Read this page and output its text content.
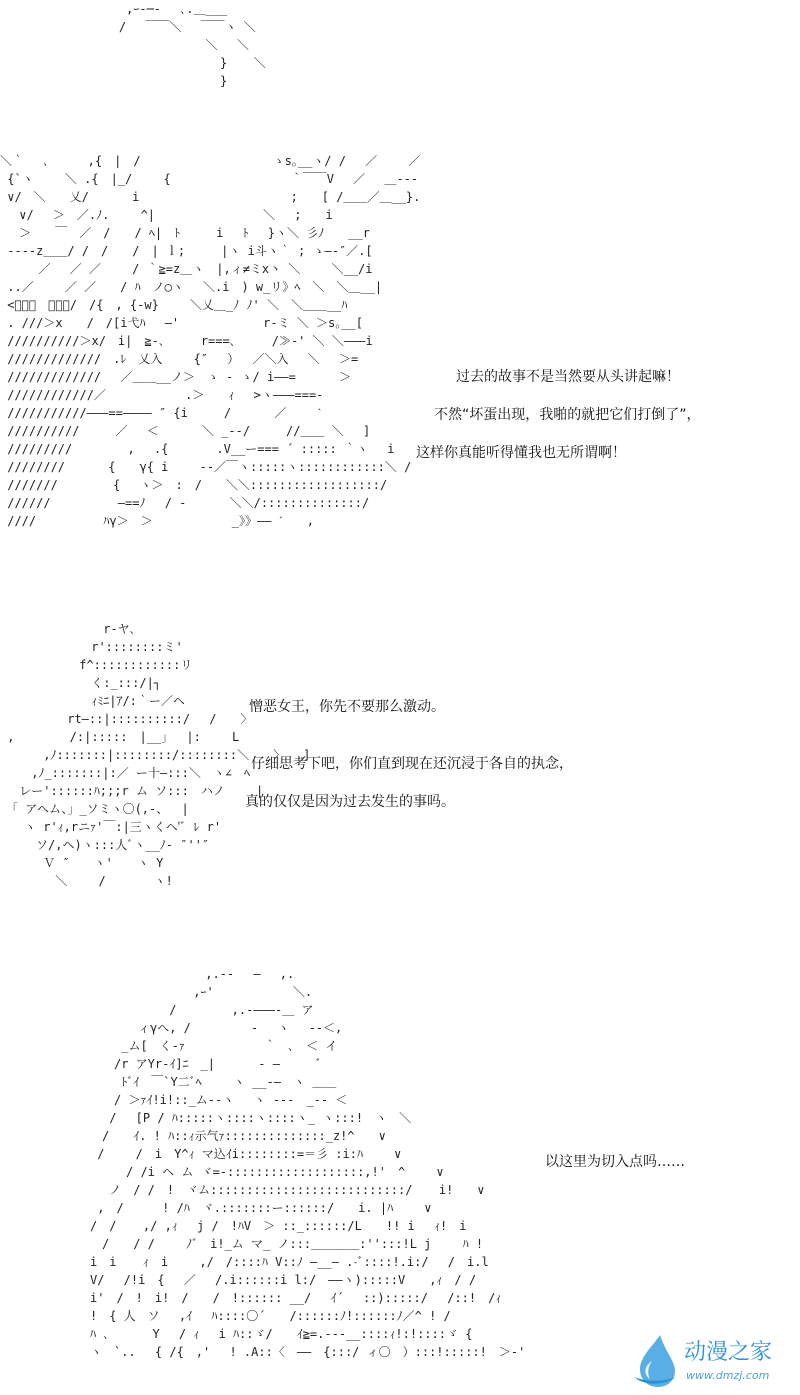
,ｰ‐─‐　 ､.＿___
/　 ￣￣＼　 ￣￣ヽ ＼
＼　 ＼
}　  ＼
}
＼｀ 　､ 　　 ,{　|　/　　　　　　　　　　　ゝs｡__ヽ/ /　 ／　　 ／
{`ヽ　　 ＼ .{　|_/　　 {　　　　　　　　　　｀￣￣V　 ／　 ＿---
∨/　＼　　乂/　　　 i　　　　　　　　　　　　 ;　　[ /＿＿／＿__}.
　∨/　 ＞　／.ﾉ.　　 ^|　　　　　　　　　＼　 ;　　i
　＞　　￣　／　/　　/ ﾍ|　ﾄ　　　i　 ﾄ　 }ヽ＼ 彡ﾉ　　__r
----z＿＿/ /　/　　/　| ｌ;　　　|ヽ i斗ヽ｀ ; ゝ―‐″／.[
　　 ／　 ／ ／　　 / ｀≧=z＿ヽ　|,ィ≠ミx丶 ＼　　 ＼__/i
..／　　 ／ ／　　/ ﾊ　ノ◯ヽ　 ＼.i　) w_リ》ﾍ　＼　＼＿__|
<ﾞ＿＿　＿＿＿/　/{　, {-w}　　 ＼乂＿_ﾉ ﾉ' ＼　＼＿＿__ﾊ
. ///＞x　　/　/[i弋ﾊ　 ―'　　　　　　　r-ミ ＼ ＞s｡__[
//////////＞x/　i|　≧-､　　　r===､　　　/≫-' ＼ ＼―――i
/////////////　.ﾚ　乂入　　 {″ 　）　 ／＼入　 ＼　 ＞=
///////////// 　／＿＿__ノ＞　ゝ - ゝ/ i――=　　　 ＞
////////////／　　　　　　 .＞　　ｨ　 >ヽ―――===-
///////////―――==―――― ″ {i　　　/　　　 ／　　 ˋ
//////////　　　／　 ＜　　　 ＼ _-‐/　　　//＿＿ ＼　 ]
/////////　　　　 ,　 .{　　　　.V__ー=== ´ ::::: ｀ヽ　 i
////////　　　 {　　γ{ i　　 --／￣ヽ:::::ヽ::::::::::::＼ /
///////　　　　 {　 ヽ＞　:　/　　＼＼::::::::::::::::::/
//////　　　　　 ―==ﾉ 　/ -　　　 ＼＼/::::::::::::::/
////　　　　　 ﾊγ＞　＞　　　　　　 _》》―― ˊ　　,
过去的故事不是当然要从头讲起嘛！
不然“坏蛋出现，我啪的就把它们打倒了”，
这样你真能听得懂我也无所谓啊！
　　　　　　　　 r-ヤ､
　　　　　　　 r'::::::::ミ'
　　　　　　 f^::::::::::::リ
　　　　　　　 く:_:::/|┐
　　　　　　　 ｨﾐﾆ|ｱ/:｀ー／ヘ
　　　　　 rt―::|::::::::::/　 /　　〉
,　　　　 /:|:::::　|__」　 |:　　 L
　　　 ,ﾉ:::::::|::::::::/::::::::＼　　〉　　]
　　 ,ﾉ_:::::::|:／ ー十―:::＼　ヽ∠　ﾍ
　 レー'::::::ﾊ;;;r ム ソ:::　ハノ　　 |
　「 アへム、」_ソミヽ〇(,-、　 |
　　ヽ r'ｨ,rニｧ'￣:|三ヽくヘ'ﾞ ﾚ r'
　　　ソ/,ヘ)ヽ:::人ﾞヽ__ﾉ- ″''″
　　　 Ｖ ″　　ヽ'　　ヽ Y
　　　　 ＼　　 /　　　　ヽ!
憎恶女王，你先不要那么激动。
仔细思考下吧，你们直到现在还沉浸于各自的执念，
真的仅仅是因为过去发生的事吗。
　　　　　　　　　 ,.-‐　 ―　 ,.
　　　　　　　　 ,ｰ'　　　　　　 ＼.
　　　　　　 /　　　　 ,.-―――-＿ ア
　　　　ィγへ, /　　　　　-　 ヽ　 --＜,
　　 _ム[　く-ｧ　　　　　　 ｀　､　＜ イ
　　/r アYr-ｲ]ﾆ　_|　　　 - ―　　　ﾞ
　　 ﾄﾞｲ　￣`Y二ﾞﾍ　　 ヽ __-―　ヽ ＿＿
　　/ ＞ｧｲ!i!::_ム-‐ヽ　 ヽ ---　_-‐ ＜
　 /　 [P / ﾊ:::::ヽ::::ヽ::::ヽ_ ヽ:::!　ヽ　＼
　/　　ｲ. ! ﾊ::ｨ示气ｧ::::::::::::::_z!^　　∨
/　　 /　i　Y^ｨ マ込ｲi::::::::=＝彡 :i:ﾊ　　 ∨
　　　/ /i ヘ ム ヾ=-:::::::::::::::::::,!'　^　　 ∨
　ノ　/ /　!　ヾム:::::::::::::::::::::::::::/ 　 i!　　∨
,　/ 　　 ! /ﾊ　ヾ.:::::::ー::::::/　　i. |ﾊ　　 ∨
/　/ 　 ,/ ,ｨ　 j /　!ﾊV　＞ ::_::::::/L　　!! i　 ｨ!　i
　/　　/ /　　 ﾉﾞ　i!_ム マ_ ノ:::＿＿＿＿:'':::!L j　　 ﾊ !
i　i 　 ｨ　i　　 ,/　/::::ﾊ V::ﾉ ―__― .-ﾞ::::!.i:/　 /　i.l
V/　 /!i　{　 ／　 /.i::::::i l:/　――ヽ):::::V　　,ｨ　/ /
i'　/　!　i!　/　　/　!:::::: __/　 ｲ´　 ::):::::/　 /::!　/ｨ
!　{ 人　ソ　 ,ｲ　 ﾊ::::〇´　　/::::::ﾉ!::::::ﾉ／^ ! /
ﾊ ､　　　 Y　 / ｨ　 i ﾊ::ゞ/　　ｲ≧=.---__::::ｨ!:!::::ゞ {
ヽ　`.. 　{ /{　,'　 ! .A::〈　――　{:::/ ィ〇　）:::!:::::!　＞-'
以这里为切入点吗……
动漫之家
www.dmzj.com
